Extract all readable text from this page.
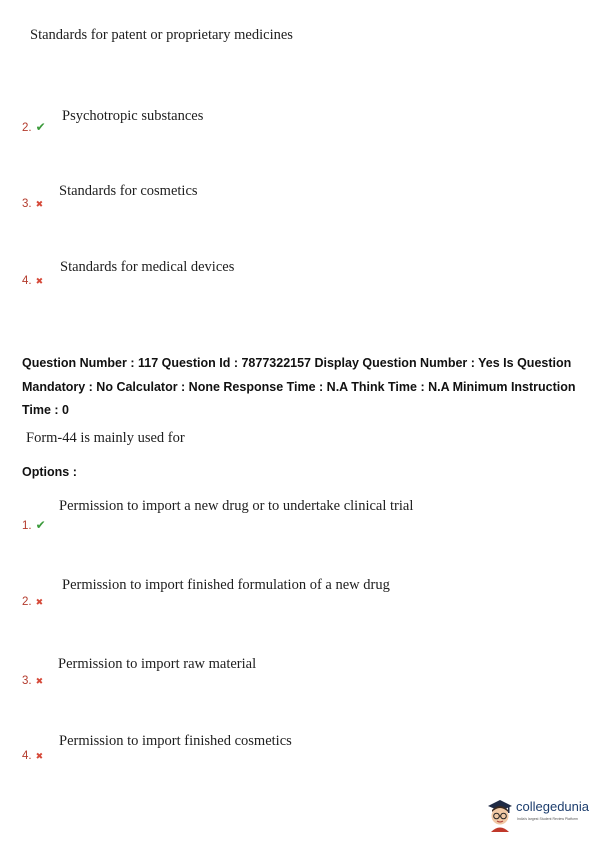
Standards for patent or proprietary medicines
Psychotropic substances
2. ✔
Standards for cosmetics
3. ✖
Standards for medical devices
4. ✖
Question Number : 117 Question Id : 7877322157 Display Question Number : Yes Is Question
Mandatory : No Calculator : None Response Time : N.A Think Time : N.A Minimum Instruction
Time : 0
Form-44 is mainly used for
Options :
Permission to import a new drug or to undertake clinical trial
1. ✔
Permission to import finished formulation of a new drug
2. ✖
Permission to import raw material
3. ✖
Permission to import finished cosmetics
4. ✖
collegedunia
India's largest Student Review Platform
